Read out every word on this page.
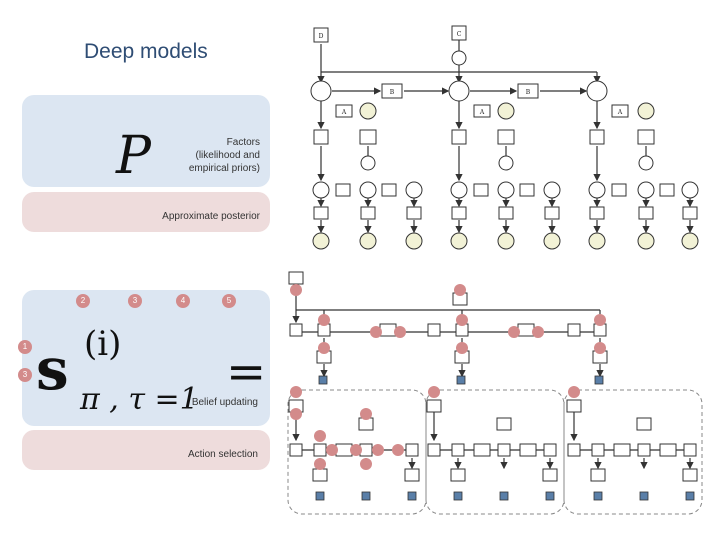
Deep models
P	Factors
(likelihood and
empirical priors)
Approximate posterior
s (i)
π , τ =1 =
Belief updating
Action selection
2	3	4	5
1
3
D	C
B	B
A	A	A
